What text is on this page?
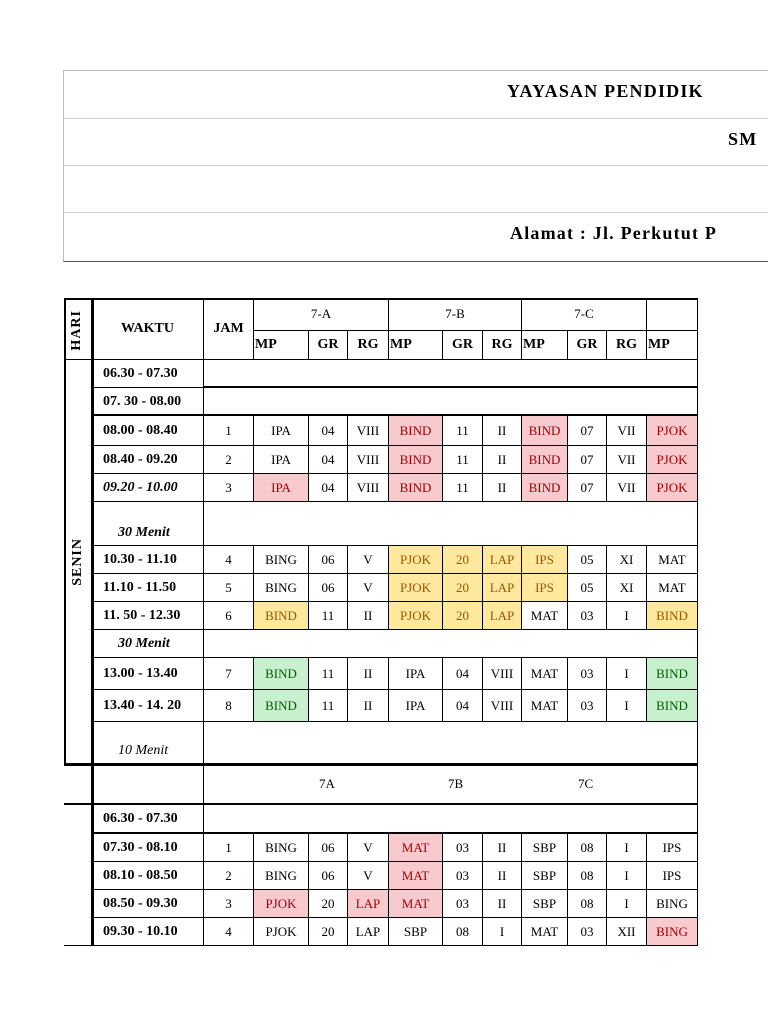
YAYASAN PENDIDIK
SM
Alamat : Jl. Perkutut P
HARI	WAKTU	JAM
7-A
MP	GR	RG
7-B
MP	GR	RG
7-C
MP	GR	RG MP
SENIN
06.30 - 07.30
07. 30 - 08.00
08.00 - 08.40	1	IPA	04	VIII	BIND	11	II	BIND	07	VII	PJOK
08.40 - 09.20	2	IPA	04	VIII	BIND	11	II	BIND	07	VII	PJOK
09.20 - 10.00	3	IPA	04	VIII	BIND	11	II	BIND	07	VII	PJOK
30 Menit
10.30 - 11.10	4	BING	06	V	PJOK	20	LAP	IPS	05	XI	MAT
11.10 - 11.50	5	BING	06	V	PJOK	20	LAP	IPS	05	XI	MAT
11. 50 - 12.30	6	BIND	11	II	PJOK	20	LAP	MAT	03	I	BIND
30 Menit
13.00 - 13.40	7	BIND	11	II	IPA	04	VIII	MAT	03	I	BIND
13.40 - 14. 20	8	BIND	11	II	IPA	04	VIII	MAT	03	I	BIND
10 Menit
7A	7B	7C
06.30 - 07.30
07.30 - 08.10	1	BING	06	V	MAT	03	II	SBP	08	I	IPS
08.10 - 08.50	2	BING	06	V	MAT	03	II	SBP	08	I	IPS
08.50 - 09.30	3	PJOK	20	LAP	MAT	03	II	SBP	08	I	BING
09.30 - 10.10	4	PJOK	20	LAP	SBP	08	I	MAT	03	XII	BING
